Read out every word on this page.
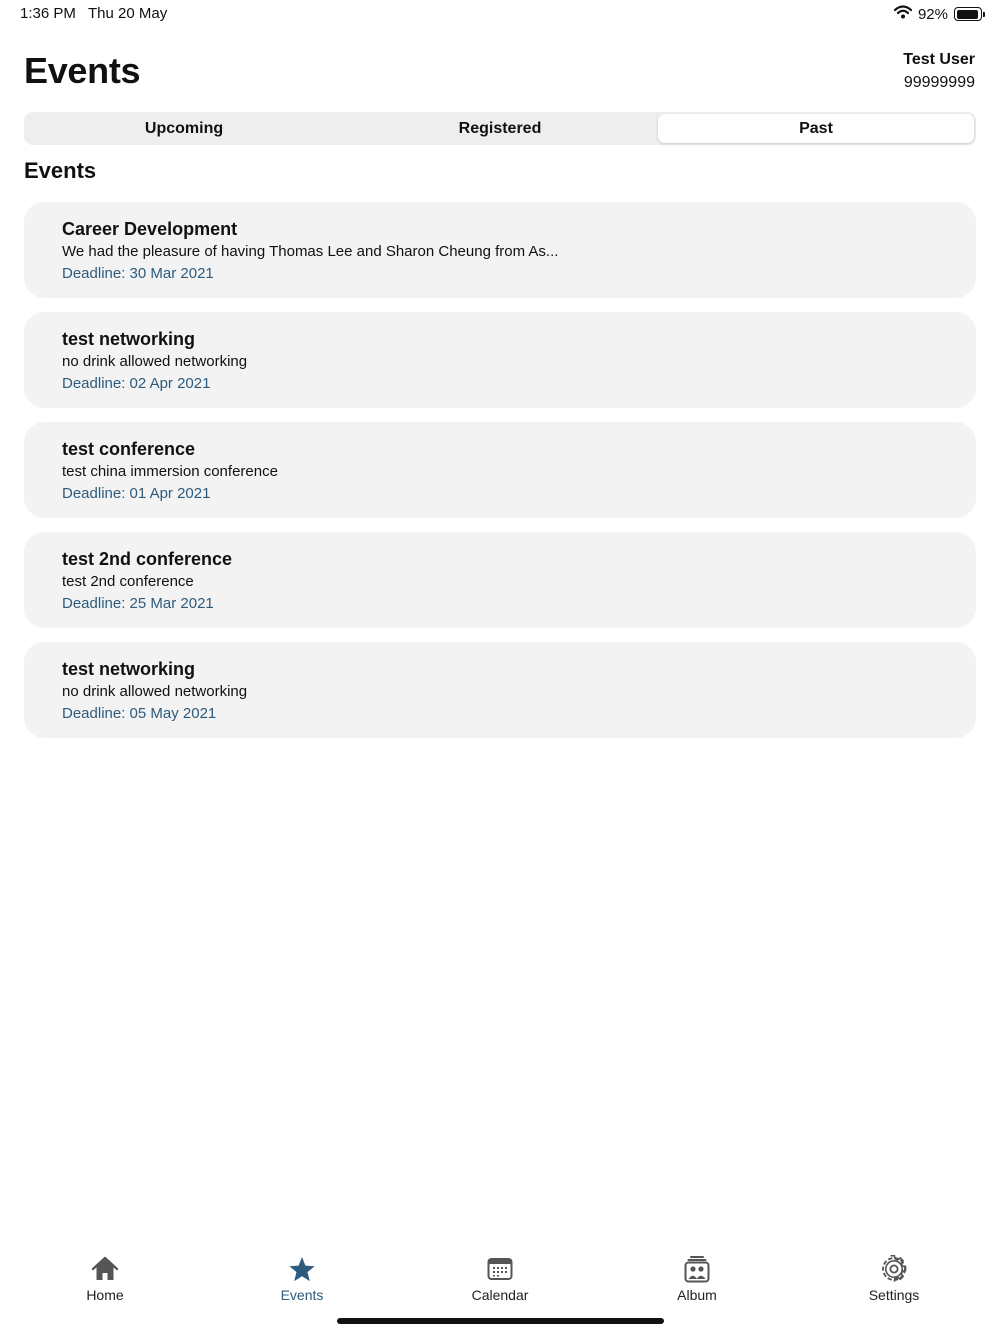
1:36 PM Thu 20 May	92%
Events	Test User
99999999
Upcoming	Registered	Past
Events
Career Development
We had the pleasure of having Thomas Lee and Sharon Cheung from As...
Deadline: 30 Mar 2021
test networking
no drink allowed networking
Deadline: 02 Apr 2021
test conference
test china immersion conference
Deadline: 01 Apr 2021
test 2nd conference
test 2nd conference
Deadline: 25 Mar 2021
test networking
no drink allowed networking
Deadline: 05 May 2021
Home	Events	Calendar	Album	Settings
